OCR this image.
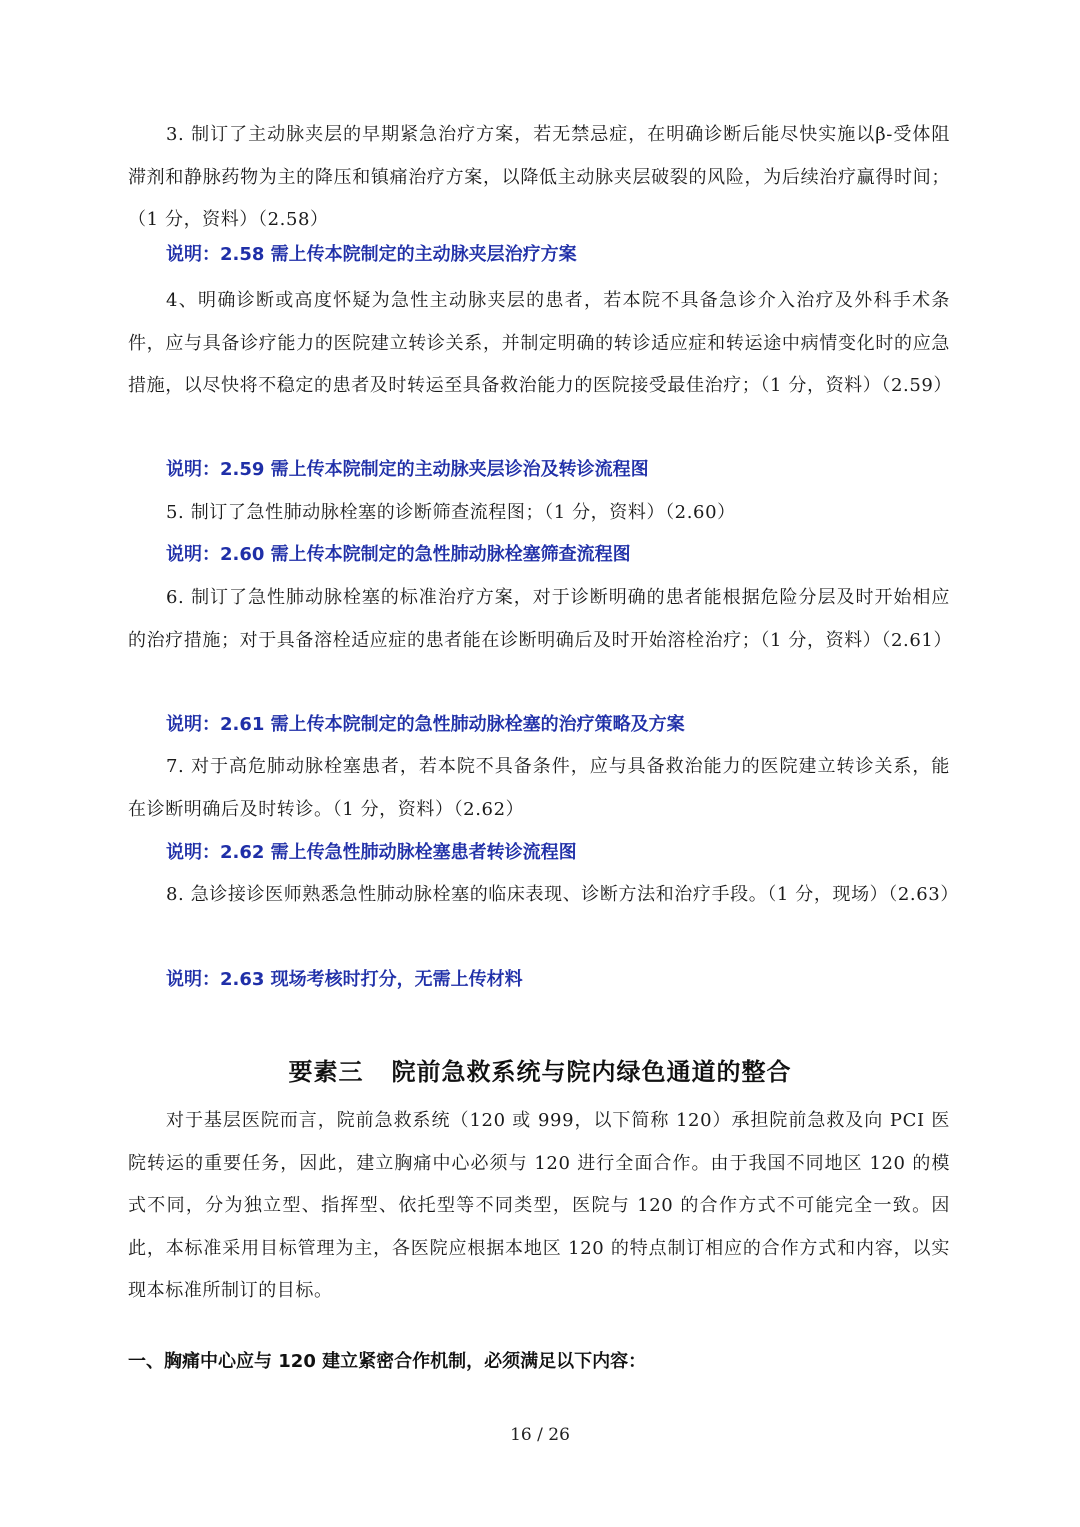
3. 制订了主动脉夹层的早期紧急治疗方案，若无禁忌症，在明确诊断后能尽快实施以β-受体阻滞剂和静脉药物为主的降压和镇痛治疗方案，以降低主动脉夹层破裂的风险，为后续治疗赢得时间；（1 分，资料）（2.58）

说明：2.58 需上传本院制定的主动脉夹层治疗方案

4、明确诊断或高度怀疑为急性主动脉夹层的患者，若本院不具备急诊介入治疗及外科手术条件，应与具备诊疗能力的医院建立转诊关系，并制定明确的转诊适应症和转运途中病情变化时的应急措施，以尽快将不稳定的患者及时转运至具备救治能力的医院接受最佳治疗；（1 分，资料）（2.59）

说明：2.59 需上传本院制定的主动脉夹层诊治及转诊流程图

5. 制订了急性肺动脉栓塞的诊断筛查流程图；（1 分，资料）（2.60）

说明：2.60 需上传本院制定的急性肺动脉栓塞筛查流程图

6. 制订了急性肺动脉栓塞的标准治疗方案，对于诊断明确的患者能根据危险分层及时开始相应的治疗措施；对于具备溶栓适应症的患者能在诊断明确后及时开始溶栓治疗；（1 分，资料）（2.61）

说明：2.61 需上传本院制定的急性肺动脉栓塞的治疗策略及方案

7. 对于高危肺动脉栓塞患者，若本院不具备条件，应与具备救治能力的医院建立转诊关系，能在诊断明确后及时转诊。（1 分，资料）（2.62）

说明：2.62 需上传急性肺动脉栓塞患者转诊流程图

8. 急诊接诊医师熟悉急性肺动脉栓塞的临床表现、诊断方法和治疗手段。（1 分，现场）（2.63）

说明：2.63 现场考核时打分，无需上传材料

要素三 院前急救系统与院内绿色通道的整合

对于基层医院而言，院前急救系统（120 或 999，以下简称 120）承担院前急救及向 PCI 医院转运的重要任务，因此，建立胸痛中心必须与 120 进行全面合作。由于我国不同地区 120 的模式不同，分为独立型、指挥型、依托型等不同类型，医院与 120 的合作方式不可能完全一致。因此，本标准采用目标管理为主，各医院应根据本地区 120 的特点制订相应的合作方式和内容，以实现本标准所制订的目标。

一、胸痛中心应与 120 建立紧密合作机制，必须满足以下内容：

16 / 26
